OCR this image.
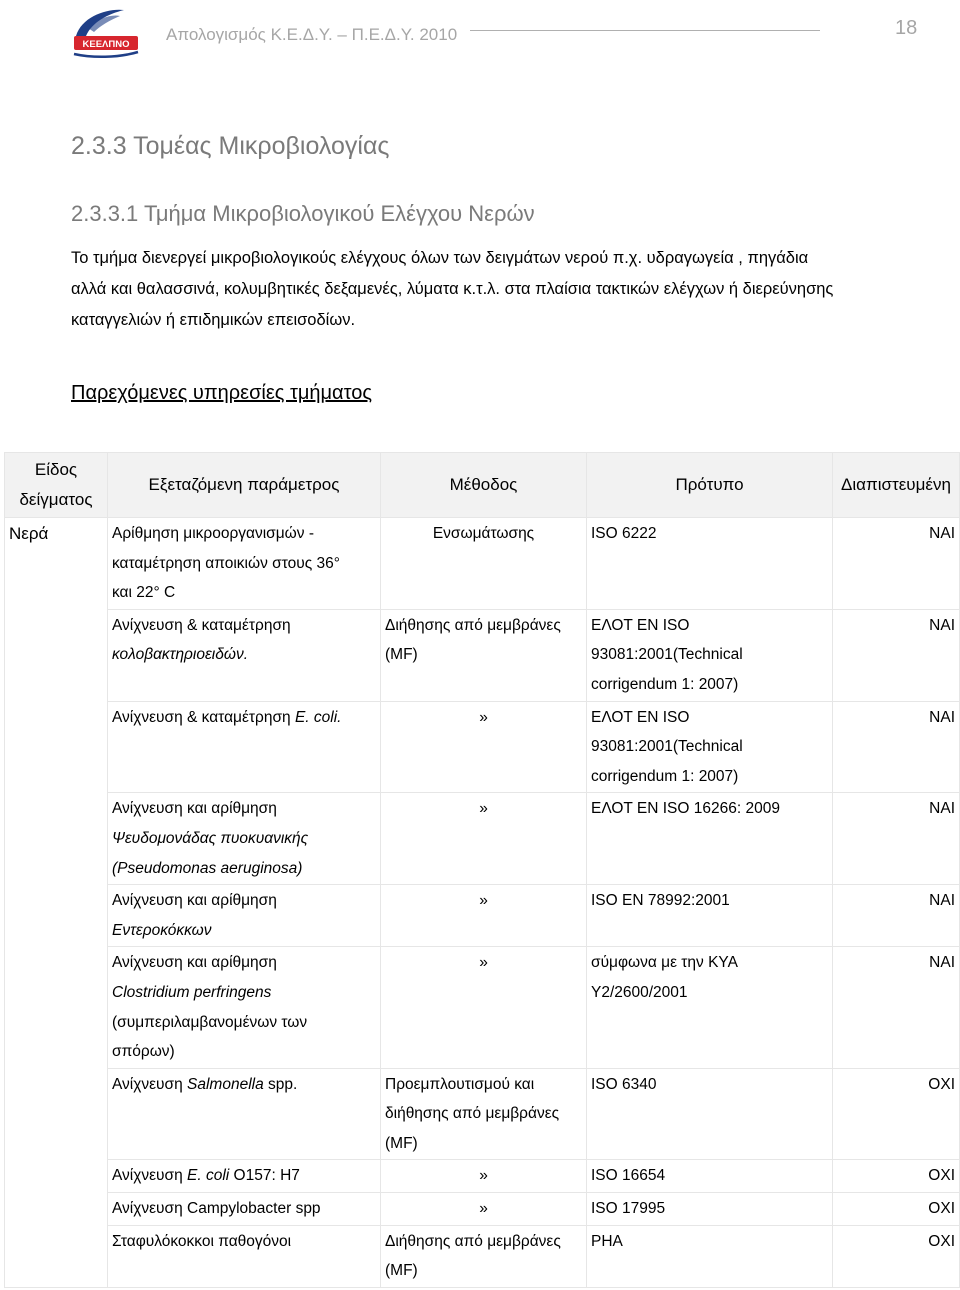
ΚΕΕΛΠΝΟ
Απολογισμός Κ.Ε.Δ.Υ. – Π.Ε.Δ.Υ. 2010	18
2.3.3 Τομέας Μικροβιολογίας
2.3.3.1 Τμήμα Μικροβιολογικού Ελέγχου Νερών

Το τμήμα διενεργεί μικροβιολογικούς ελέγχους όλων των δειγμάτων νερού π.χ. υδραγωγεία , πηγάδια

αλλά και θαλασσινά, κολυμβητικές δεξαμενές, λύματα κ.τ.λ. στα πλαίσια τακτικών ελέγχων ή διερεύνησης

καταγγελιών ή επιδημικών επεισοδίων.

Παρεχόμενες υπηρεσίες τμήματος
Είδος
δείγματος	Εξεταζόμενη παράμετρος	Μέθοδος	Πρότυπο	Διαπιστευμένη
Νερά	Αρίθμηση μικροοργανισμών -
καταμέτρηση αποικιών στους 36°
και 22° C	Ενσωμάτωσης	ISO 6222	ΝΑΙ

	Ανίχνευση & καταμέτρηση
κολοβακτηριοειδών.	Διήθησης από μεμβράνες
(MF)	ΕΛΟΤ EN ISO
93081:2001(Technical
corrigendum 1: 2007)	ΝΑΙ

	Ανίχνευση & καταμέτρηση E. coli.	»	ΕΛΟΤ EN ISO
93081:2001(Technical
corrigendum 1: 2007)	ΝΑΙ

	Ανίχνευση και αρίθμηση
Ψευδομονάδας πυοκυανικής
(Pseudomonas aeruginosa)	»	ΕΛΟΤ EN ISO 16266: 2009	ΝΑΙ

	Ανίχνευση και αρίθμηση
Εντεροκόκκων	»	ISO EN 78992:2001	ΝΑΙ

	Ανίχνευση και αρίθμηση
Clostridium perfringens
(συμπεριλαμβανομένων των
σπόρων)	»	σύμφωνα με την ΚΥΑ
Υ2/2600/2001	ΝΑΙ

	Ανίχνευση Salmonella spp.	Προεμπλουτισμού και
διήθησης από μεμβράνες
(MF)	ISO 6340	ΟΧΙ

	Ανίχνευση E. coli O157: H7	»	ISO 16654	ΟΧΙ

	Ανίχνευση Campylobacter spp	»	ISO 17995	ΟΧΙ

	Σταφυλόκοκκοι παθογόνοι	Διήθησης από μεμβράνες
(MF)	PHA	ΟΧΙ
